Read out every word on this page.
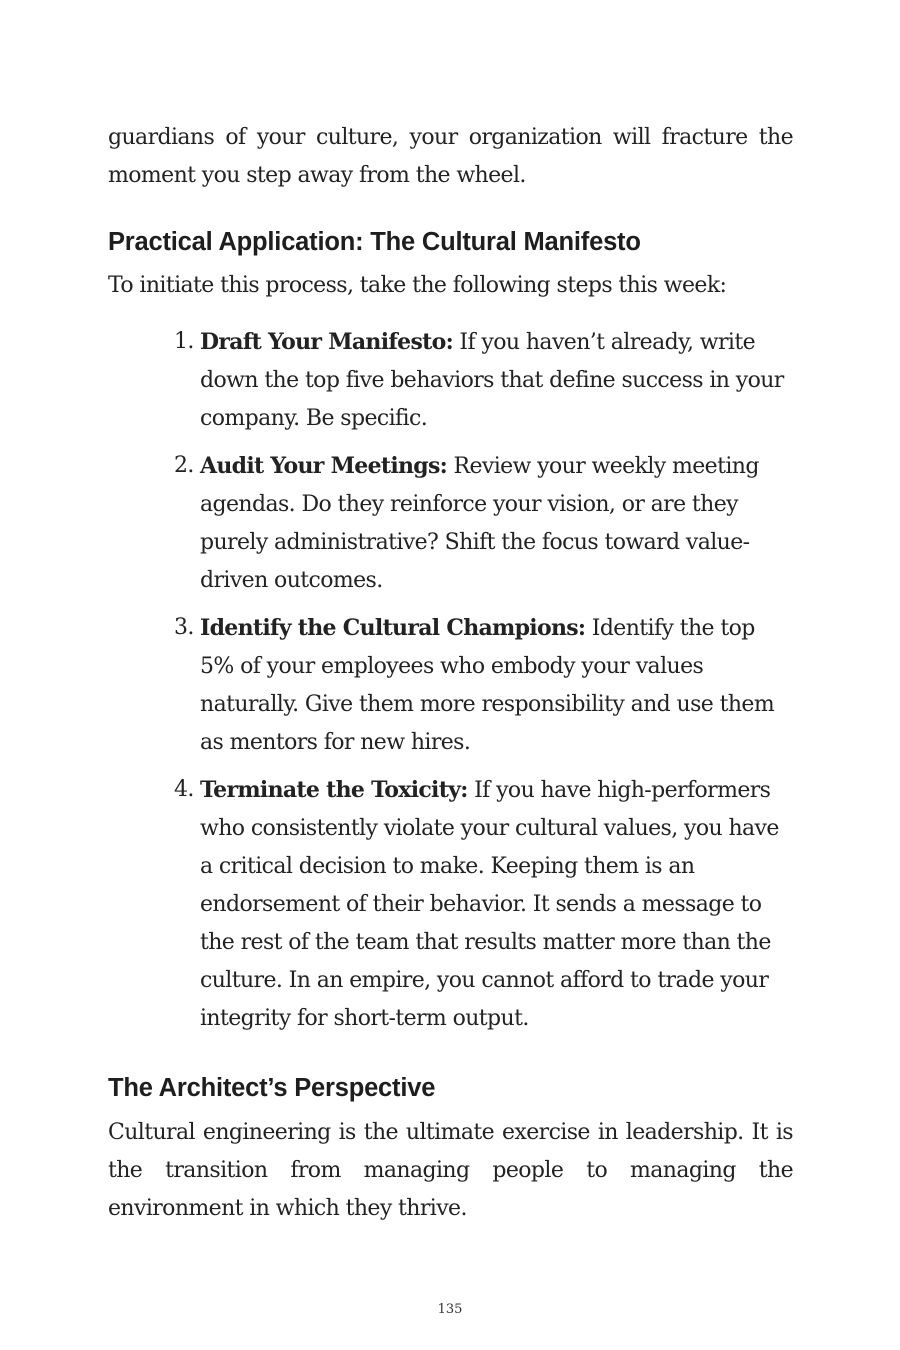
guardians of your culture, your organization will fracture the moment you step away from the wheel.

Practical Application: The Cultural Manifesto

To initiate this process, take the following steps this week:

1. Draft Your Manifesto: If you haven’t already, write down the top five behaviors that define success in your company. Be specific.
2. Audit Your Meetings: Review your weekly meeting agendas. Do they reinforce your vision, or are they purely administrative? Shift the focus toward value-driven outcomes.
3. Identify the Cultural Champions: Identify the top 5% of your employees who embody your values naturally. Give them more responsibility and use them as mentors for new hires.
4. Terminate the Toxicity: If you have high-performers who consistently violate your cultural values, you have a critical decision to make. Keeping them is an endorsement of their behavior. It sends a message to the rest of the team that results matter more than the culture. In an empire, you cannot afford to trade your integrity for short-term output.
The Architect’s Perspective

Cultural engineering is the ultimate exercise in leadership. It is the transition from managing people to managing the environment in which they thrive.

135
